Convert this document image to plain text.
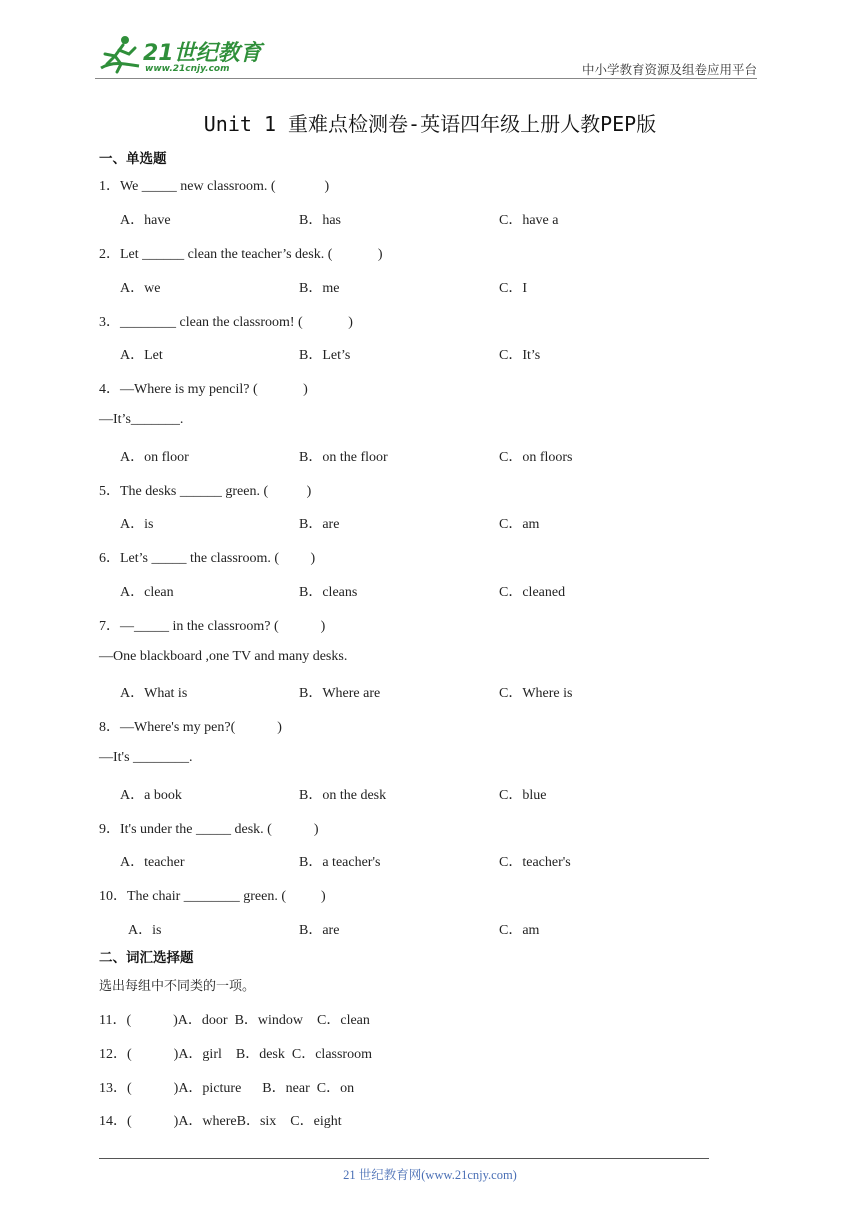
21世纪教育
www.21cnjy.com	中小学教育资源及组卷应用平台
Unit 1 重难点检测卷-英语四年级上册人教PEP版
一、单选题
1．We _____ new classroom. (              )
A．have	B．has	C．have a
2．Let ______ clean the teacher’s desk. (             )
A．we	B．me	C．I
3．________ clean the classroom! (             )
A．Let	B．Let’s	C．It’s
4．—Where is my pencil? (             )
—It’s_______.
A．on floor	B．on the floor	C．on floors
5．The desks ______ green. (           )
A．is	B．are	C．am
6．Let’s _____ the classroom. (         )
A．clean	B．cleans	C．cleaned
7．—_____ in the classroom? (            )
—One blackboard ,one TV and many desks.
A．What is	B．Where are	C．Where is
8．—Where's my pen?(            )
—It's ________.
A．a book	B．on the desk	C．blue
9．It's under the _____ desk. (            )
A．teacher	B．a teacher's	C．teacher's
10．The chair ________ green. (          )
A．is	B．are	C．am
二、词汇选择题
选出每组中不同类的一项。
11．(            )A．door  B．window    C．clean
12．(            )A．girl    B．desk  C．classroom
13．(            )A．picture      B．near  C．on
14．(            )A．whereB．six    C．eight
21 世纪教育网(www.21cnjy.com)
